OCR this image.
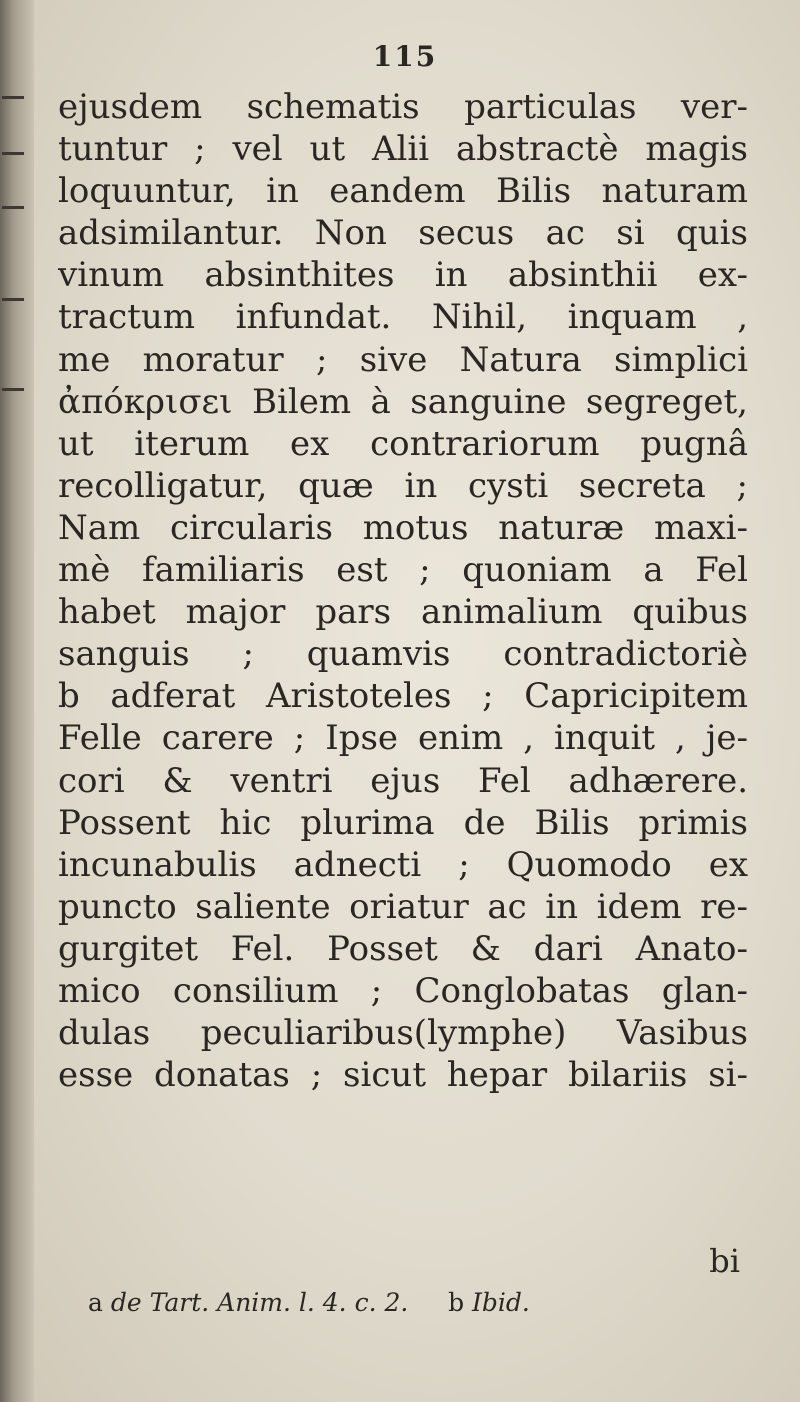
115
ejusdem schematis particulas ver-
tuntur ; vel ut Alii abstractè magis
loquuntur, in eandem Bilis naturam
adsimilantur. Non secus ac si quis
vinum absinthites in absinthii ex-
tractum infundat. Nihil, inquam ,
me moratur ; sive Natura simplici
ἀπόκρισει Bilem à sanguine segreget,
ut iterum ex contrariorum pugnâ
recolligatur, quæ in cysti secreta ;
Nam circularis motus naturæ maxi-
mè familiaris est ; quoniam a Fel
habet major pars animalium quibus
sanguis ; quamvis contradictoriè
b adferat Aristoteles ; Capricipitem
Felle carere ; Ipse enim , inquit , je-
cori & ventri ejus Fel adhærere.
Possent hic plurima de Bilis primis
incunabulis adnecti ; Quomodo ex
puncto saliente oriatur ac in idem re-
gurgitet Fel. Posset & dari Anato-
mico consilium ; Conglobatas glan-
dulas peculiaribus(lymphe) Vasibus
esse donatas ; sicut hepar bilariis si-
bi
a de Tart. Anim. l. 4. c. 2. b Ibid.
